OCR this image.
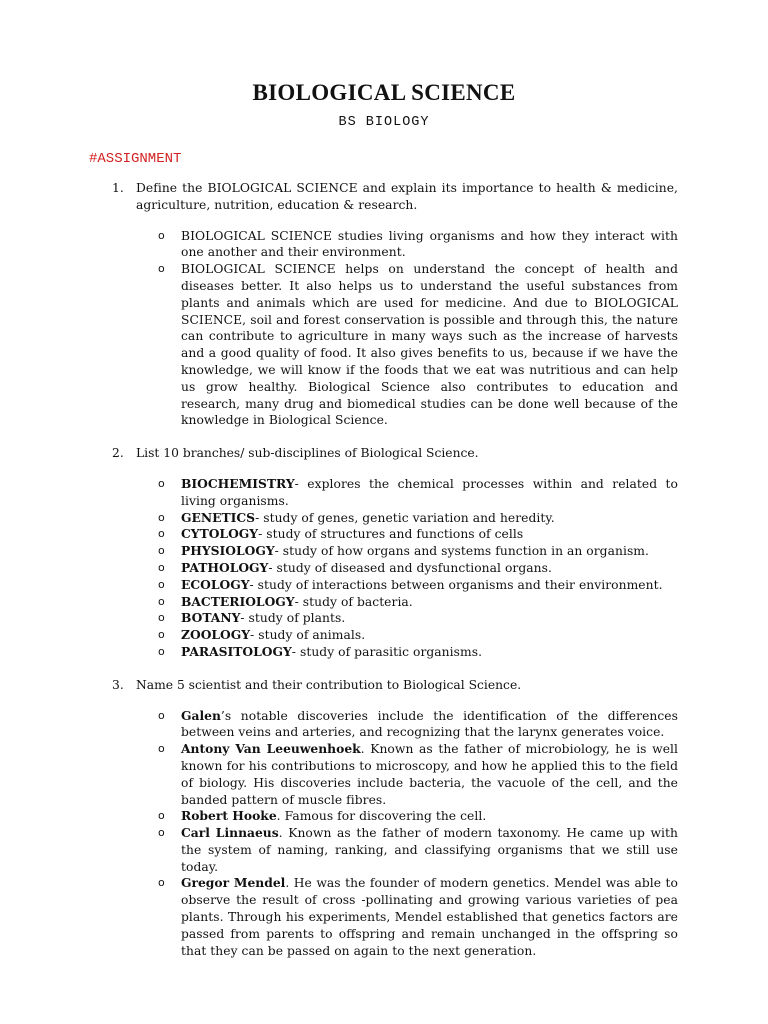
BIOLOGICAL SCIENCE
BS BIOLOGY
#ASSIGNMENT
1. Define the BIOLOGICAL SCIENCE and explain its importance to health & medicine, agriculture, nutrition, education & research.
o BIOLOGICAL SCIENCE studies living organisms and how they interact with one another and their environment.
o BIOLOGICAL SCIENCE helps on understand the concept of health and diseases better. It also helps us to understand the useful substances from plants and animals which are used for medicine. And due to BIOLOGICAL SCIENCE, soil and forest conservation is possible and through this, the nature can contribute to agriculture in many ways such as the increase of harvests and a good quality of food. It also gives benefits to us, because if we have the knowledge, we will know if the foods that we eat was nutritious and can help us grow healthy. Biological Science also contributes to education and research, many drug and biomedical studies can be done well because of the knowledge in Biological Science.
2. List 10 branches/ sub-disciplines of Biological Science.
o BIOCHEMISTRY- explores the chemical processes within and related to living organisms.
o GENETICS- study of genes, genetic variation and heredity.
o CYTOLOGY- study of structures and functions of cells
o PHYSIOLOGY- study of how organs and systems function in an organism.
o PATHOLOGY- study of diseased and dysfunctional organs.
o ECOLOGY- study of interactions between organisms and their environment.
o BACTERIOLOGY- study of bacteria.
o BOTANY- study of plants.
o ZOOLOGY- study of animals.
o PARASITOLOGY- study of parasitic organisms.
3. Name 5 scientist and their contribution to Biological Science.
o Galen’s notable discoveries include the identification of the differences between veins and arteries, and recognizing that the larynx generates voice.
o Antony Van Leeuwenhoek. Known as the father of microbiology, he is well known for his contributions to microscopy, and how he applied this to the field of biology. His discoveries include bacteria, the vacuole of the cell, and the banded pattern of muscle fibres.
o Robert Hooke. Famous for discovering the cell.
o Carl Linnaeus. Known as the father of modern taxonomy. He came up with the system of naming, ranking, and classifying organisms that we still use today.
o Gregor Mendel. He was the founder of modern genetics. Mendel was able to observe the result of cross -pollinating and growing various varieties of pea plants. Through his experiments, Mendel established that genetics factors are passed from parents to offspring and remain unchanged in the offspring so that they can be passed on again to the next generation.
